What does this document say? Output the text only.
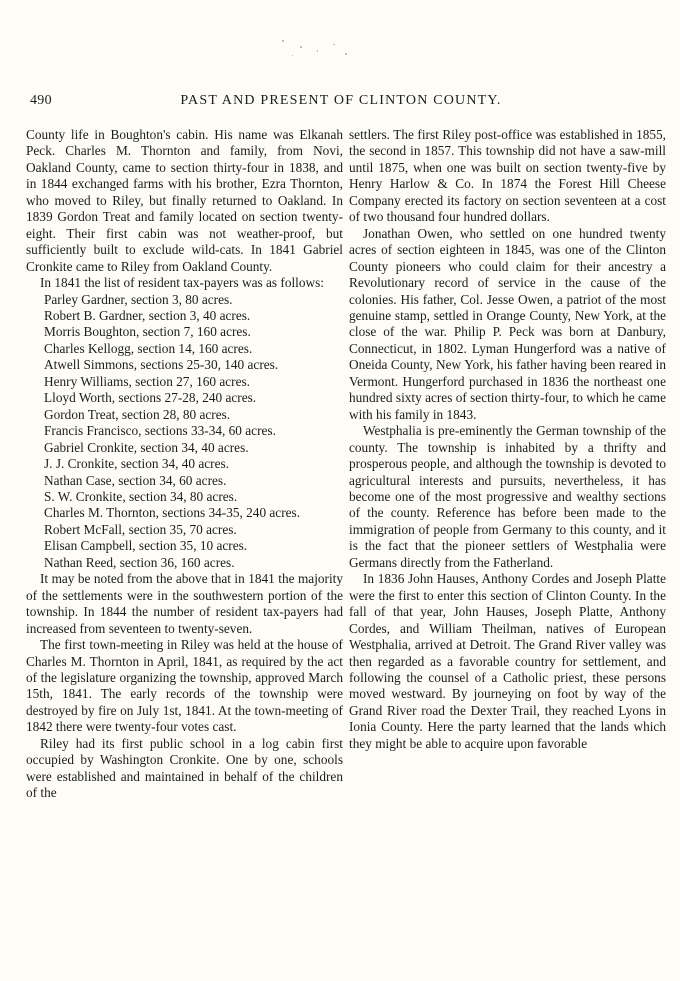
490	PAST AND PRESENT OF CLINTON COUNTY.

County life in Boughton's cabin. His name was Elkanah Peck. Charles M. Thornton and family, from Novi, Oakland County, came to section thirty-four in 1838, and in 1844 exchanged farms with his brother, Ezra Thornton, who moved to Riley, but finally returned to Oakland. In 1839 Gordon Treat and family located on section twenty-eight. Their first cabin was not weather-proof, but sufficiently built to exclude wild-cats. In 1841 Gabriel Cronkite came to Riley from Oakland County.

In 1841 the list of resident tax-payers was as follows:

Parley Gardner, section 3, 80 acres.

Robert B. Gardner, section 3, 40 acres.

Morris Boughton, section 7, 160 acres.

Charles Kellogg, section 14, 160 acres.

Atwell Simmons, sections 25-30, 140 acres.

Henry Williams, section 27, 160 acres.

Lloyd Worth, sections 27-28, 240 acres.

Gordon Treat, section 28, 80 acres.

Francis Francisco, sections 33-34, 60 acres.

Gabriel Cronkite, section 34, 40 acres.

J. J. Cronkite, section 34, 40 acres.

Nathan Case, section 34, 60 acres.

S. W. Cronkite, section 34, 80 acres.

Charles M. Thornton, sections 34-35, 240 acres.

Robert McFall, section 35, 70 acres.

Elisan Campbell, section 35, 10 acres.

Nathan Reed, section 36, 160 acres.

It may be noted from the above that in 1841 the majority of the settlements were in the southwestern portion of the township. In 1844 the number of resident tax-payers had increased from seventeen to twenty-seven.

The first town-meeting in Riley was held at the house of Charles M. Thornton in April, 1841, as required by the act of the legislature organizing the township, approved March 15th, 1841. The early records of the township were destroyed by fire on July 1st, 1841. At the town-meeting of 1842 there were twenty-four votes cast.

Riley had its first public school in a log cabin first occupied by Washington Cronkite. One by one, schools were established and maintained in behalf of the children of the

settlers. The first Riley post-office was established in 1855, the second in 1857. This township did not have a saw-mill until 1875, when one was built on section twenty-five by Henry Harlow & Co. In 1874 the Forest Hill Cheese Company erected its factory on section seventeen at a cost of two thousand four hundred dollars.

Jonathan Owen, who settled on one hundred twenty acres of section eighteen in 1845, was one of the Clinton County pioneers who could claim for their ancestry a Revolutionary record of service in the cause of the colonies. His father, Col. Jesse Owen, a patriot of the most genuine stamp, settled in Orange County, New York, at the close of the war. Philip P. Peck was born at Danbury, Connecticut, in 1802. Lyman Hungerford was a native of Oneida County, New York, his father having been reared in Vermont. Hungerford purchased in 1836 the northeast one hundred sixty acres of section thirty-four, to which he came with his family in 1843.

Westphalia is pre-eminently the German township of the county. The township is inhabited by a thrifty and prosperous people, and although the township is devoted to agricultural interests and pursuits, nevertheless, it has become one of the most progressive and wealthy sections of the county. Reference has before been made to the immigration of people from Germany to this county, and it is the fact that the pioneer settlers of Westphalia were Germans directly from the Fatherland.

In 1836 John Hauses, Anthony Cordes and Joseph Platte were the first to enter this section of Clinton County. In the fall of that year, John Hauses, Joseph Platte, Anthony Cordes, and William Theilman, natives of European Westphalia, arrived at Detroit. The Grand River valley was then regarded as a favorable country for settlement, and following the counsel of a Catholic priest, these persons moved westward. By journeying on foot by way of the Grand River road the Dexter Trail, they reached Lyons in Ionia County. Here the party learned that the lands which they might be able to acquire upon favorable
